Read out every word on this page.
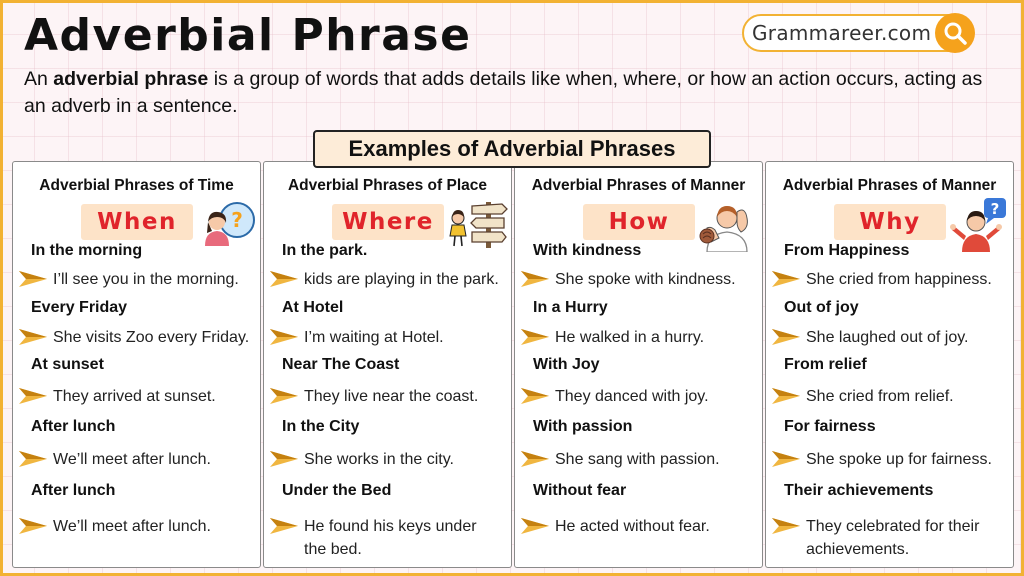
Adverbial Phrase	Grammareer.com

An adverbial phrase is a group of words that adds details like when, where, or how an action occurs, acting as an adverb in a sentence.

Examples of Adverbial Phrases
Adverbial Phrases of Time
When	?
In the morning
I’ll see you in the morning.
Every Friday
She visits Zoo every Friday.
At sunset
They arrived at sunset.
After lunch
We’ll meet after lunch.
After lunch
We’ll meet after lunch.
Adverbial Phrases of Place
Where
In the park.
kids are playing in the park.
At Hotel
I’m waiting at Hotel.
Near The Coast
They live near the coast.
In the City
She works in the city.
Under the Bed
He found his keys under the bed.
Adverbial Phrases of Manner
How
With kindness
She spoke with kindness.
In a Hurry
He walked in a hurry.
With Joy
They danced with joy.
With passion
She sang with passion.
Without fear
He acted without fear.
Adverbial Phrases of Manner
Why	?
From Happiness
She cried from happiness.
Out of joy
She laughed out of joy.
From relief
She cried from relief.
For fairness
She spoke up for fairness.
Their achievements
They celebrated for their achievements.
